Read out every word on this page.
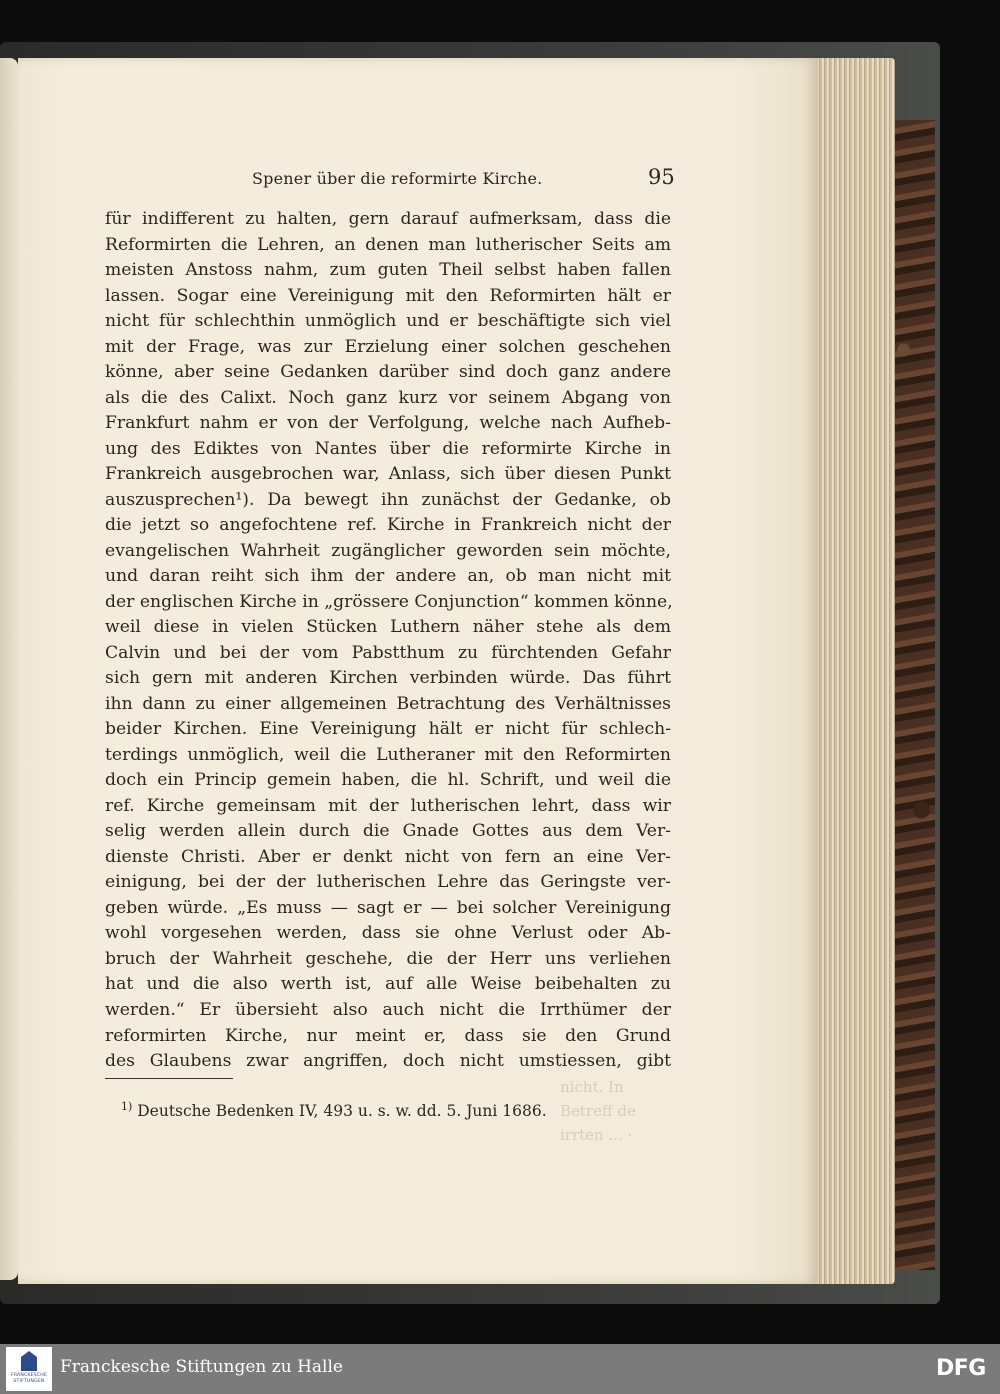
Spener über die reformirte Kirche.	95
für indifferent zu halten, gern darauf aufmerksam, dass die
Reformirten die Lehren, an denen man lutherischer Seits am
meisten Anstoss nahm, zum guten Theil selbst haben fallen
lassen. Sogar eine Vereinigung mit den Reformirten hält er
nicht für schlechthin unmöglich und er beschäftigte sich viel
mit der Frage, was zur Erzielung einer solchen geschehen
könne, aber seine Gedanken darüber sind doch ganz andere
als die des Calixt. Noch ganz kurz vor seinem Abgang von
Frankfurt nahm er von der Verfolgung, welche nach Aufheb-
ung des Ediktes von Nantes über die reformirte Kirche in
Frankreich ausgebrochen war, Anlass, sich über diesen Punkt
auszusprechen¹). Da bewegt ihn zunächst der Gedanke, ob
die jetzt so angefochtene ref. Kirche in Frankreich nicht der
evangelischen Wahrheit zugänglicher geworden sein möchte,
und daran reiht sich ihm der andere an, ob man nicht mit
der englischen Kirche in „grössere Conjunction“ kommen könne,
weil diese in vielen Stücken Luthern näher stehe als dem
Calvin und bei der vom Pabstthum zu fürchtenden Gefahr
sich gern mit anderen Kirchen verbinden würde. Das führt
ihn dann zu einer allgemeinen Betrachtung des Verhältnisses
beider Kirchen. Eine Vereinigung hält er nicht für schlech-
terdings unmöglich, weil die Lutheraner mit den Reformirten
doch ein Princip gemein haben, die hl. Schrift, und weil die
ref. Kirche gemeinsam mit der lutherischen lehrt, dass wir
selig werden allein durch die Gnade Gottes aus dem Ver-
dienste Christi. Aber er denkt nicht von fern an eine Ver-
einigung, bei der der lutherischen Lehre das Geringste ver-
geben würde. „Es muss — sagt er — bei solcher Vereinigung
wohl vorgesehen werden, dass sie ohne Verlust oder Ab-
bruch der Wahrheit geschehe, die der Herr uns verliehen
hat und die also werth ist, auf alle Weise beibehalten zu
werden.“ Er übersieht also auch nicht die Irrthümer der
reformirten Kirche, nur meint er, dass sie den Grund
des Glaubens zwar angriffen, doch nicht umstiessen, gibt
nicht. In Betreff de
irrten ... ·
$^{1)}$ Deutsche Bedenken IV, 493 u. s. w. dd. 5. Juni 1686.
FRANCKESCHE STIFTUNGEN
Franckesche Stiftungen zu Halle	DFG
